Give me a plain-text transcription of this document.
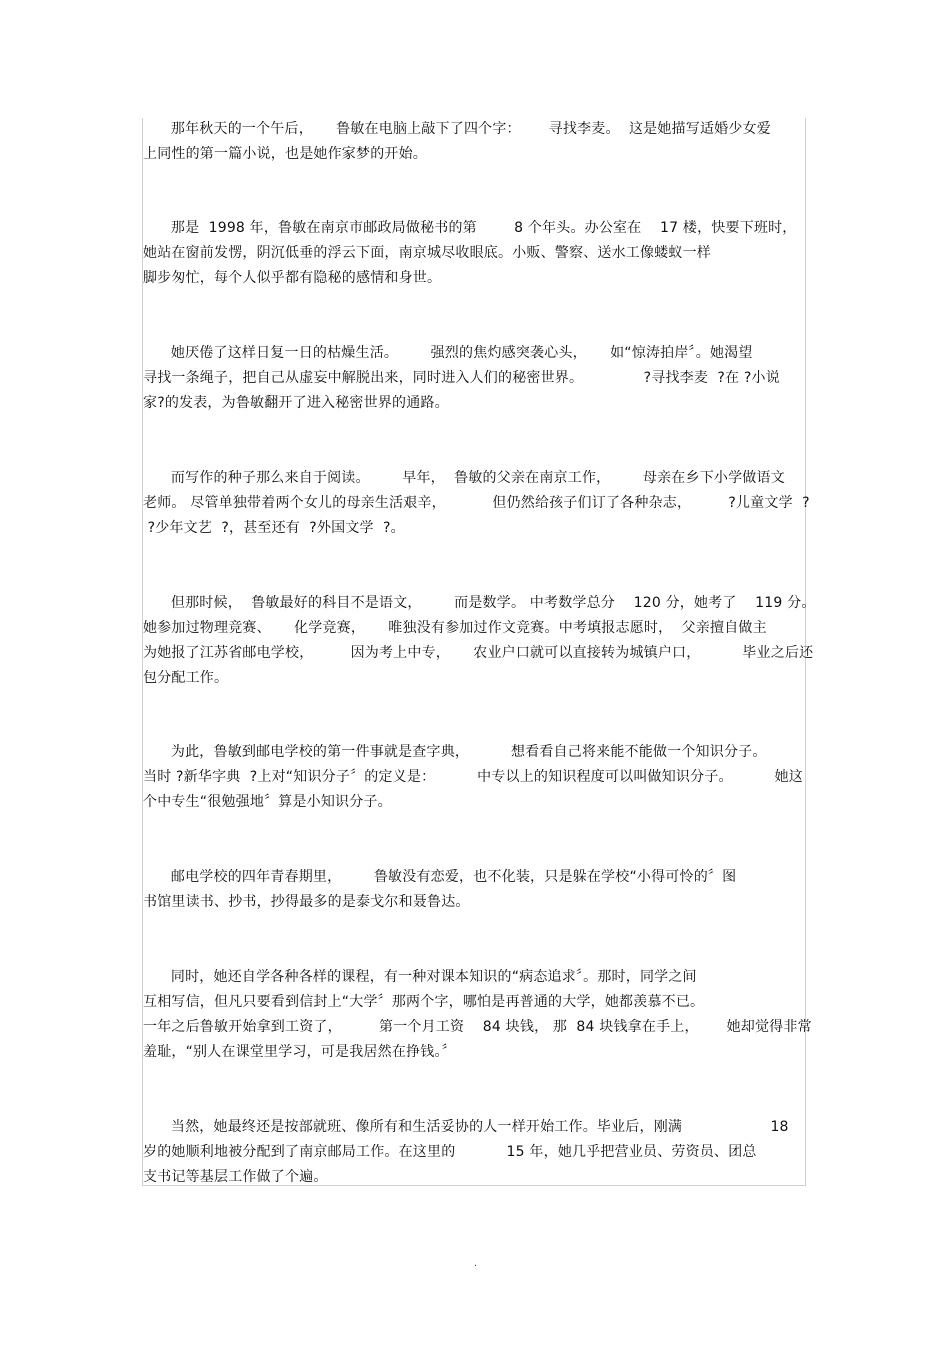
那年秋天的一个午后，     鲁敏在电脑上敲下了四个字：      寻找李麦。  这是她描写适婚少女爱
上同性的第一篇小说，也是她作家梦的开始。
那是  1998 年，鲁敏在南京市邮政局做秘书的第        8 个年头。办公室在    17 楼，快要下班时，
她站在窗前发愣，阴沉低垂的浮云下面，南京城尽收眼底。小贩、警察、送水工像蝼蚁一样
脚步匆忙，每个人似乎都有隐秘的感情和身世。
她厌倦了这样日复一日的枯燥生活。       强烈的焦灼感突袭心头，     如“惊涛拍岸〞。她渴望
寻找一条绳子，把自己从虚妄中解脱出来，同时进入人们的秘密世界。             ?寻找李麦  ?在 ?小说
家?的发表，为鲁敏翻开了进入秘密世界的通路。
而写作的种子那么来自于阅读。       早年，  鲁敏的父亲在南京工作，       母亲在乡下小学做语文
老师。 尽管单独带着两个女儿的母亲生活艰辛，          但仍然给孩子们订了各种杂志，        ?儿童文学  ?
?少年文艺  ?，甚至还有  ?外国文学  ?。
但那时候，  鲁敏最好的科目不是语文，       而是数学。 中考数学总分    120 分，她考了    119 分。
她参加过物理竞赛、     化学竞赛，     唯独没有参加过作文竞赛。中考填报志愿时，  父亲擅自做主
为她报了江苏省邮电学校，        因为考上中专，     农业户口就可以直接转为城镇户口，         毕业之后还
包分配工作。
为此，鲁敏到邮电学校的第一件事就是查字典，         想看看自己将来能不能做一个知识分子。
当时 ?新华字典  ?上对“知识分子〞的定义是：         中专以上的知识程度可以叫做知识分子。         她这
个中专生“很勉强地〞算是小知识分子。
邮电学校的四年青春期里，       鲁敏没有恋爱，也不化装，只是躲在学校“小得可怜的〞图
书馆里读书、抄书，抄得最多的是泰戈尔和聂鲁达。
同时，她还自学各种各样的课程，有一种对课本知识的“病态追求〞。那时，同学之间
互相写信，但凡只要看到信封上“大学〞那两个字，哪怕是再普通的大学，她都羡慕不已。
一年之后鲁敏开始拿到工资了，        第一个月工资    84 块钱， 那  84 块钱拿在手上，      她却觉得非常
羞耻，“别人在课堂里学习，可是我居然在挣钱。〞
当然，她最终还是按部就班、像所有和生活妥协的人一样开始工作。毕业后，刚满                   18
岁的她顺利地被分配到了南京邮局工作。在这里的           15 年，她几乎把营业员、劳资员、团总
支书记等基层工作做了个遍。
.
